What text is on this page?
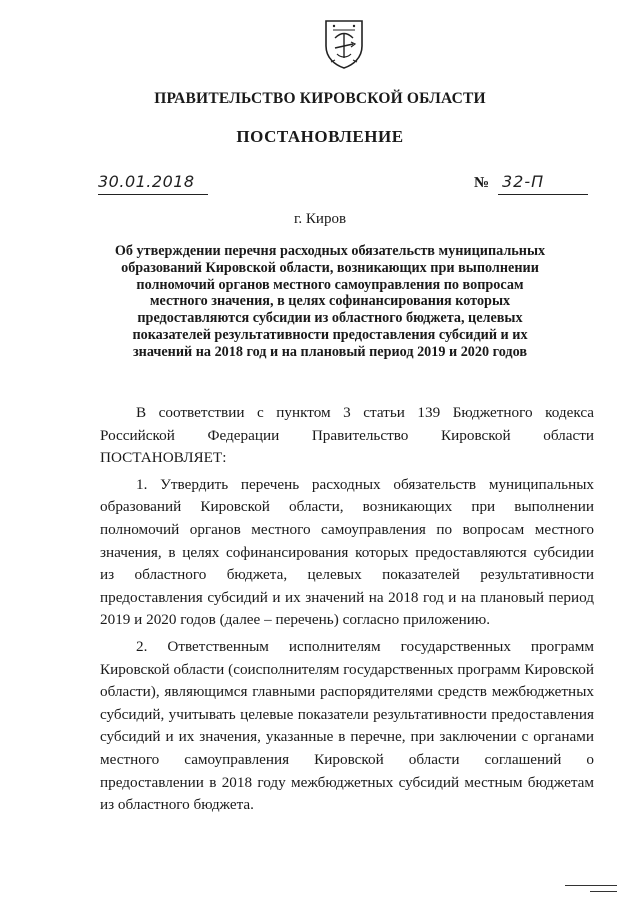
ПРАВИТЕЛЬСТВО КИРОВСКОЙ ОБЛАСТИ
ПОСТАНОВЛЕНИЕ
30.01.2018	№ 32-П
г. Киров
Об утверждении перечня расходных обязательств муниципальных
образований Кировской области, возникающих при выполнении
полномочий органов местного самоуправления по вопросам
местного значения, в целях софинансирования которых
предоставляются субсидии из областного бюджета, целевых
показателей результативности предоставления субсидий и их
значений на 2018 год и на плановый период 2019 и 2020 годов

В соответствии с пунктом 3 статьи 139 Бюджетного кодекса Российской Федерации Правительство Кировской области ПОСТАНОВЛЯЕТ:

1. Утвердить перечень расходных обязательств муниципальных образований Кировской области, возникающих при выполнении полномочий органов местного самоуправления по вопросам местного значения, в целях софинансирования которых предоставляются субсидии из областного бюджета, целевых показателей результативности предоставления субсидий и их значений на 2018 год и на плановый период 2019 и 2020 годов (далее – перечень) согласно приложению.

2. Ответственным исполнителям государственных программ Кировской области (соисполнителям государственных программ Кировской области), являющимся главными распорядителями средств межбюджетных субсидий, учитывать целевые показатели результативности предоставления субсидий и их значения, указанные в перечне, при заключении с органами местного самоуправления Кировской области соглашений о предоставлении в 2018 году межбюджетных субсидий местным бюджетам из областного бюджета.
